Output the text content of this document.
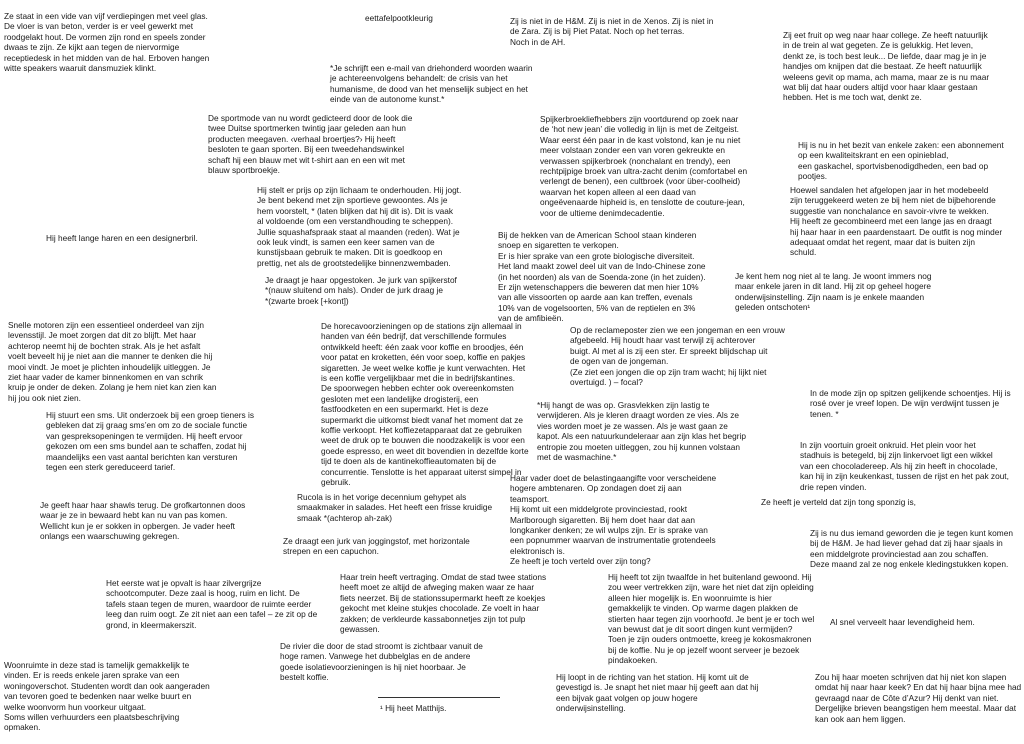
eettafelpootkleurig

Ze staat in een vide van vijf verdiepingen met veel glas.
De vloer is van beton, verder is er veel gewerkt met
roodgelakt hout. De vormen zijn rond en speels zonder
dwaas te zijn. Ze kijkt aan tegen de niervormige
receptiedesk in het midden van de hal. Erboven hangen
witte speakers waaruit dansmuziek klinkt.	*Je schrijft een e-mail van driehonderd woorden waarin
je achtereenvolgens behandelt: de crisis van het
humanisme, de dood van het menselijk subject en het
einde van de autonome kunst.*

Zij is niet in de H&M. Zij is niet in de Xenos. Zij is niet in
de Zara. Zij is bij Piet Patat. Noch op het terras.
Noch in de AH.

Zij eet fruit op weg naar haar college. Ze heeft natuurlijk
in de trein al wat gegeten. Ze is gelukkig. Het leven,
denkt ze, is toch best leuk... De liefde, daar mag je in je
handjes om knijpen dat die bestaat. Ze heeft natuurlijk
weleens gevit op mama, ach mama, maar ze is nu maar
wat blij dat haar ouders altijd voor haar klaar gestaan
hebben. Het is me toch wat, denkt ze.

De sportmode van nu wordt gedicteerd door de look die
twee Duitse sportmerken twintig jaar geleden aan hun
producten meegaven. ‹verhaal broertjes?› Hij heeft
besloten te gaan sporten. Bij een tweedehandswinkel
schaft hij een blauw met wit t-shirt aan en een wit met
blauw sportbroekje.

Spijkerbroekliefhebbers zijn voortdurend op zoek naar
de ‘hot new jean’ die volledig in lijn is met de Zeitgeist.
Waar eerst één paar in de kast volstond, kan je nu niet
meer volstaan zonder een van voren gekreukte en
verwassen spijkerbroek (nonchalant en trendy), een
rechtpijpige broek van ultra-zacht denim (comfortabel en
verlengt de benen), een cultbroek (voor über-coolheid)
waarvan het kopen alleen al een daad van
ongeëvenaarde hipheid is, en tenslotte de couture-jean,
voor de ultieme denimdecadentie.

Hij is nu in het bezit van enkele zaken: een abonnement
op een kwaliteitskrant en een opiniebIad,
een gaskachel, sportvisbenodigdheden, een bad op
pootjes.

Hij stelt er prijs op zijn lichaam te onderhouden. Hij jogt.
Je bent bekend met zijn sportieve gewoontes. Als je
hem voorstelt, * (laten blijken dat hij dit is). Dit is vaak
al voldoende (om een verstandhouding te scheppen).
Jullie squashafspraak staat al maanden (reden). Wat je
ook leuk vindt, is samen een keer samen van de
kunstijsbaan gebruik te maken. Dit is goedkoop en
prettig, net als de grootstedelijke binnenzwembaden.

Hoewel sandalen het afgelopen jaar in het modebeeld
zijn teruggekeerd weten ze bij hem niet de bijbehorende
suggestie van nonchalance en savoir-vivre te wekken.
Hij heeft ze gecombineerd met een lange jas en draagt
hij haar haar in een paardenstaart. De outfit is nog minder
adequaat omdat het regent, maar dat is buiten zijn
schuld.

Hij heeft lange haren en een designerbril.	Bij de hekken van de American School staan kinderen
snoep en sigaretten te verkopen.
Er is hier sprake van een grote biologische diversiteit.
Het land maakt zowel deel uit van de Indo-Chinese zone
(in het noorden) als van de Soenda-zone (in het zuiden).
Er zijn wetenschappers die beweren dat men hier 10%
van alle vissoorten op aarde aan kan treffen, evenals
10% van de vogelsoorten, 5% van de reptielen en 3%
van de amfibieën.

Je draagt je haar opgestoken. Je jurk van spijkerstof
*(nauw sluitend om hals). Onder de jurk draag je
*(zwarte broek [+kont])

Je kent hem nog niet al te lang. Je woont immers nog
maar enkele jaren in dit land. Hij zit op geheel hogere
onderwijsinstelling. Zijn naam is je enkele maanden
geleden ontschoten¹

Snelle motoren zijn een essentieel onderdeel van zijn
levensstijl. Je moet zorgen dat dit zo blijft. Met haar
achterop neemt hij de bochten strak. Als je het asfalt
voelt beveelt hij je niet aan die manner te denken die hij
mooi vindt. Je moet je plichten inhoudelijk uitleggen. Je
ziet haar vader de kamer binnenkomen en van schrik
kruip je onder de deken. Zolang je hem niet kan zien kan
hij jou ook niet zien.

De horecavoorzieningen op de stations zijn allemaal in
handen van één bedrijf, dat verschillende formules
ontwikkeld heeft: één zaak voor koffie en broodjes, één
voor patat en kroketten, één voor soep, koffie en pakjes
sigaretten. Je weet welke koffie je kunt verwachten. Het
is een koffie vergelijkbaar met die in bedrijfskantines.
De spoorwegen hebben echter ook overeenkomsten
gesloten met een landelijke drogisterij, een
fastfoodketen en een supermarkt. Het is deze
supermarkt die uitkomst biedt vanaf het moment dat ze
koffie verkoopt. Het koffiezetapparaat dat ze gebruiken
weet de druk op te bouwen die noodzakelijk is voor een
goede espresso, en weet dit bovendien in dezelfde korte
tijd te doen als de kantinekoffieautomaten bij de
concurrentie. Tenslotte is het apparaat uiterst simpel in
gebruik.

Op de reclameposter zien we een jongeman en een vrouw
afgebeeld. Hij houdt haar vast terwijl zij achterover
buigt. Al met al is zij een ster. Er spreekt blijdschap uit
de ogen van de jongeman.
(Ze ziet een jongen die op zijn tram wacht; hij lijkt niet
overtuigd. ) – focal?

In de mode zijn op spitzen gelijkende schoentjes. Hij is
rosé over je vreef lopen. De wijn verdwijnt tussen je
tenen. *

Hij stuurt een sms. Uit onderzoek bij een groep tieners is
gebleken dat zij graag sms’en om zo de sociale functie
van gespreksopeningen te vermijden. Hij heeft ervoor
gekozen om een sms bundel aan te schaffen, zodat hij
maandelijks een vast aantal berichten kan versturen
tegen een sterk gereduceerd tarief.

*Hij hangt de was op. Grasvlekken zijn lastig te
verwijderen. Als je kleren draagt worden ze vies. Als ze
vies worden moet je ze wassen. Als je wast gaan ze
kapot. Als een natuurkundeleraar aan zijn klas het begrip
entropie zou moeten uitleggen, zou hij kunnen volstaan
met de wasmachine.*

In zijn voortuin groeit onkruid. Het plein voor het
stadhuis is betegeld, bij zijn linkervoet ligt een wikkel
van een chocoladereep. Als hij zin heeft in chocolade,
kan hij in zijn keukenkast, tussen de rijst en het pak zout,
drie repen vinden.

Haar vader doet de belastingaangifte voor verscheidene
hogere ambtenaren. Op zondagen doet zij aan
teamsport.
Hij komt uit een middelgrote provinciestad, rookt
Marlborough sigaretten. Bij hem doet haar dat aan
longkanker denken; ze wil wulps zijn. Er is sprake van
een popnummer waarvan de instrumentatie grotendeels
elektronisch is.
Ze heeft je toch verteld over zijn tong?

Je geeft haar haar shawls terug. De grofkartonnen doos
waar je ze in bewaard hebt kan nu van pas komen.
Wellicht kun je er sokken in opbergen. Je vader heeft
onlangs een waarschuwing gekregen.

Rucola is in het vorige decennium gehypet als
smaakmaker in salades. Het heeft een frisse kruidige
smaak *(achterop ah-zak)

Ze heeft je verteld dat zijn tong sponzig is,

Ze draagt een jurk van joggingstof, met horizontale
strepen en een capuchon.

Zij is nu dus iemand geworden die je tegen kunt komen
bij de H&M. Je had liever gehad dat zij haar sjaals in
een middelgrote provinciestad aan zou schaffen.
Deze maand zal ze nog enkele kledingstukken kopen.

Het eerste wat je opvalt is haar zilvergrijze
schootcomputer. Deze zaal is hoog, ruim en licht. De
tafels staan tegen de muren, waardoor de ruimte eerder
leeg dan ruim oogt. Ze zit niet aan een tafel – ze zit op de
grond, in kleermakerszit.

Haar trein heeft vertraging. Omdat de stad twee stations
heeft moet ze altijd de afweging maken waar ze haar
fiets neerzet. Bij de stationssupermarkt heeft ze koekjes
gekocht met kleine stukjes chocolade. Ze voelt in haar
zakken; de verkleurde kassabonnetjes zijn tot pulp
gewassen.

Hij heeft tot zijn twaalfde in het buitenland gewoond. Hij
zou weer vertrekken zijn, ware het niet dat zijn opleiding
alleen hier mogelijk is. En woonruimte is hier
gemakkelijk te vinden. Op warme dagen plakken de
stierten haar tegen zijn voorhoofd. Je bent je er toch wel
van bewust dat je dit soort dingen kunt vermijden?
Toen je zijn ouders ontmoette, kreeg je kokosmakronen
bij de koffie. Nu je op jezelf woont serveer je bezoek
pindakoeken.

Al snel verveelt haar levendigheid hem.

De rivier die door de stad stroomt is zichtbaar vanuit de
hoge ramen. Vanwege het dubbelglas en de andere
goede isolatievoorzieningen is hij niet hoorbaar. Je
bestelt koffie.

Woonruimte in deze stad is tamelijk gemakkelijk te
vinden. Er is reeds enkele jaren sprake van een
woningoverschot. Studenten wordt dan ook aangeraden
van tevoren goed te bedenken naar welke buurt en
welke woonvorm hun voorkeur uitgaat.
Soms willen verhuurders een plaatsbeschrijving
opmaken.

¹ Hij heet Matthijs.

Hij loopt in de richting van het station. Hij komt uit de
gevestigd is. Je snapt het niet maar hij geeft aan dat hij
een bijvak gaat volgen op jouw hogere
onderwijsinstelling.

Zou hij haar moeten schrijven dat hij niet kon slapen
omdat hij naar haar keek? En dat hij haar bijna mee had
gevraagd naar de Côte d’Azur? Hij denkt van niet.
Dergelijke brieven beangstigen hem meestal. Maar dat
kan ook aan hem liggen.
